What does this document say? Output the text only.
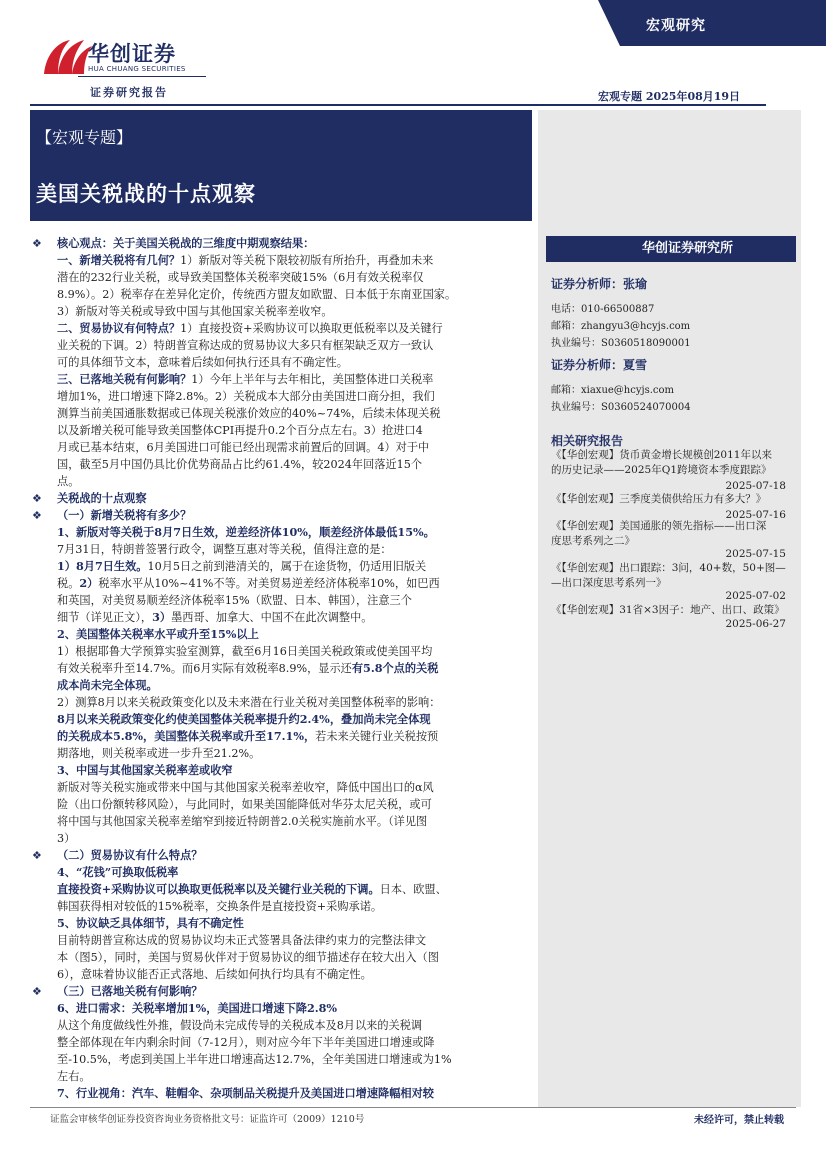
华创证券
HUA CHUANG SECURITIES
证券研究报告
宏观研究
宏观专题 2025年08月19日
【宏观专题】
美国关税战的十点观察
华创证券研究所
证券分析师：张瑜
电话：010-66500887
邮箱：zhangyu3@hcyjs.com
执业编号：S0360518090001
证券分析师：夏雪
邮箱：xiaxue@hcyjs.com
执业编号：S0360524070004
相关研究报告
《【华创宏观】货币黄金增长规模创2011年以来
的历史记录——2025年Q1跨境资本季度跟踪》
2025-07-18
《【华创宏观】三季度美债供给压力有多大？》
2025-07-16
《【华创宏观】美国通胀的领先指标——出口深
度思考系列之二》
2025-07-15
《【华创宏观】出口跟踪：3问，40+数，50+图—
—出口深度思考系列一》
2025-07-02
《【华创宏观】31省×3因子：地产、出口、政策》
2025-06-27
❖ 核心观点：关于美国关税战的三维度中期观察结果：
一、新增关税将有几何？1）新版对等关税下限较初版有所抬升，再叠加未来
潜在的232行业关税，或导致美国整体关税率突破15%（6月有效关税率仅
8.9%）。2）税率存在差异化定价，传统西方盟友如欧盟、日本低于东南亚国家。
3）新版对等关税或导致中国与其他国家关税率差收窄。
二、贸易协议有何特点？1）直接投资+采购协议可以换取更低税率以及关键行
业关税的下调。2）特朗普宣称达成的贸易协议大多只有框架缺乏双方一致认
可的具体细节文本，意味着后续如何执行还具有不确定性。
三、已落地关税有何影响？1）今年上半年与去年相比，美国整体进口关税率
增加1%，进口增速下降2.8%。2）关税成本大部分由美国进口商分担，我们
测算当前美国通胀数据或已体现关税涨价效应的40%~74%，后续未体现关税
以及新增关税可能导致美国整体CPI再提升0.2个百分点左右。3）抢进口4
月或已基本结束，6月美国进口可能已经出现需求前置后的回调。4）对于中
国，截至5月中国仍具比价优势商品占比约61.4%，较2024年回落近15个
点。
❖ 关税战的十点观察
❖ （一）新增关税将有多少？
1、新版对等关税于8月7日生效，逆差经济体10%，顺差经济体最低15%。
7月31日，特朗普签署行政令，调整互惠对等关税，值得注意的是：
1）8月7日生效。10月5日之前到港清关的，属于在途货物，仍适用旧版关
税。2）税率水平从10%~41%不等。对美贸易逆差经济体税率10%，如巴西
和英国，对美贸易顺差经济体税率15%（欧盟、日本、韩国），注意三个
细节（详见正文），3）墨西哥、加拿大、中国不在此次调整中。
2、美国整体关税率水平或升至15%以上
1）根据耶鲁大学预算实验室测算，截至6月16日美国关税政策或使美国平均
有效关税率升至14.7%。而6月实际有效税率8.9%，显示还有5.8个点的关税
成本尚未完全体现。
2）测算8月以来关税政策变化以及未来潜在行业关税对美国整体税率的影响：
8月以来关税政策变化约使美国整体关税率提升约2.4%，叠加尚未完全体现
的关税成本5.8%，美国整体关税率或升至17.1%，若未来关键行业关税按预
期落地，则关税率或进一步升至21.2%。
3、中国与其他国家关税率差或收窄
新版对等关税实施或带来中国与其他国家关税率差收窄，降低中国出口的α风
险（出口份额转移风险），与此同时，如果美国能降低对华芬太尼关税，或可
将中国与其他国家关税率差缩窄到接近特朗普2.0关税实施前水平。（详见图
3）
❖ （二）贸易协议有什么特点？
4、“花钱”可换取低税率
直接投资+采购协议可以换取更低税率以及关键行业关税的下调。日本、欧盟、
韩国获得相对较低的15%税率，交换条件是直接投资+采购承诺。
5、协议缺乏具体细节，具有不确定性
目前特朗普宣称达成的贸易协议均未正式签署具备法律约束力的完整法律文
本（图5），同时，美国与贸易伙伴对于贸易协议的细节描述存在较大出入（图
6），意味着协议能否正式落地、后续如何执行均具有不确定性。
❖ （三）已落地关税有何影响？
6、进口需求：关税率增加1%，美国进口增速下降2.8%
从这个角度做线性外推，假设尚未完成传导的关税成本及8月以来的关税调
整全部体现在年内剩余时间（7-12月），则对应今年下半年美国进口增速或降
至-10.5%，考虑到美国上半年进口增速高达12.7%，全年美国进口增速或为1%
左右。
7、行业视角：汽车、鞋帽伞、杂项制品关税提升及美国进口增速降幅相对较
证监会审核华创证券投资咨询业务资格批文号：证监许可（2009）1210号	未经许可，禁止转载
